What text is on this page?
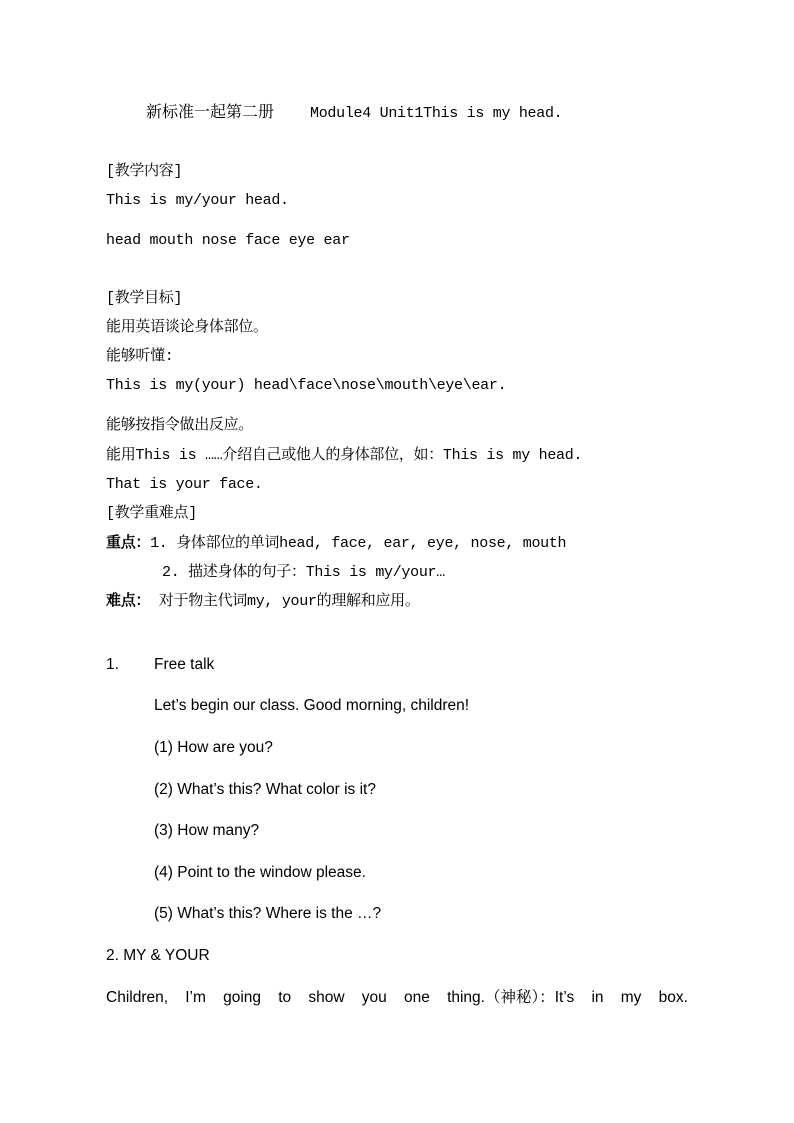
新标准一起第二册 Module4 Unit1This is my head.
[教学内容]
This is my/your head.
head mouth nose face eye ear
[教学目标]
能用英语谈论身体部位。
能够听懂:
This is my(your) head\face\nose\mouth\eye\ear.
能够按指令做出反应。
能用This is ……介绍自己或他人的身体部位，如：This is my head.
That is your face.
[教学重难点]
重点：1. 身体部位的单词head, face, ear, eye, nose, mouth
2. 描述身体的句子：This is my/your…
难点： 对于物主代词my, your的理解和应用。
1. Free talk
Let’s begin our class. Good morning, children!
(1) How are you?
(2) What’s this? What color is it?
(3) How many?
(4) Point to the window please.
(5) What’s this? Where is the …?
2. MY & YOUR
Children, I’m going to show you one thing.（神秘）：It’s in my box.
